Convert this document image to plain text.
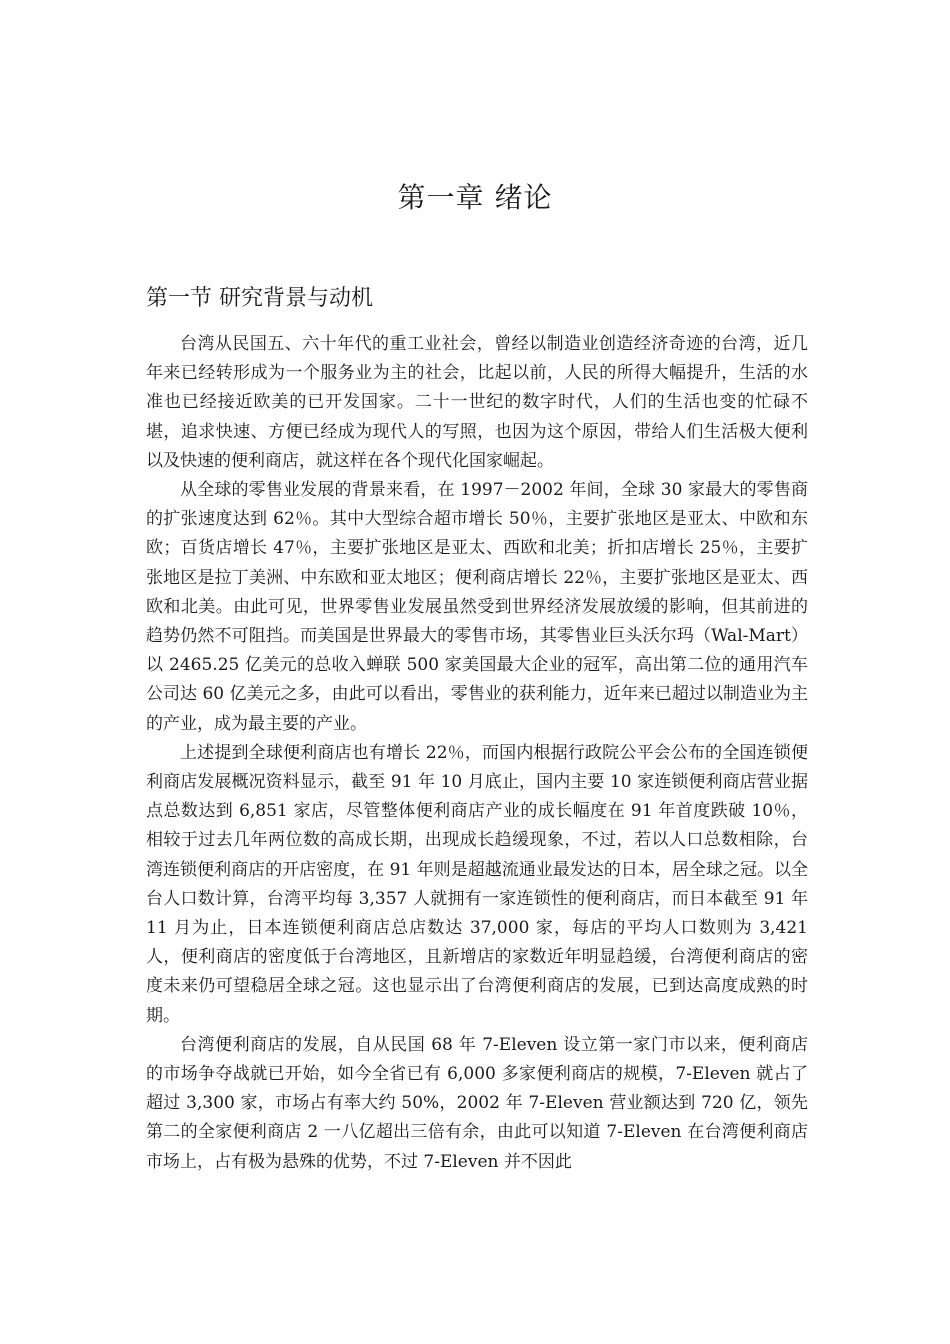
第一章 绪论
第一节 研究背景与动机

台湾从民国五、六十年代的重工业社会，曾经以制造业创造经济奇迹的台湾，近几年来已经转形成为一个服务业为主的社会，比起以前，人民的所得大幅提升，生活的水准也已经接近欧美的已开发国家。二十一世纪的数字时代，人们的生活也变的忙碌不堪，追求快速、方便已经成为现代人的写照，也因为这个原因，带给人们生活极大便利以及快速的便利商店，就这样在各个现代化国家崛起。

从全球的零售业发展的背景来看，在 1997－2002 年间，全球 30 家最大的零售商的扩张速度达到 62％。其中大型综合超市增长 50％，主要扩张地区是亚太、中欧和东欧；百货店增长 47％，主要扩张地区是亚太、西欧和北美；折扣店增长 25％，主要扩张地区是拉丁美洲、中东欧和亚太地区；便利商店增长 22％，主要扩张地区是亚太、西欧和北美。由此可见，世界零售业发展虽然受到世界经济发展放缓的影响，但其前进的趋势仍然不可阻挡。而美国是世界最大的零售市场，其零售业巨头沃尔玛（Wal-Mart）以 2465.25 亿美元的总收入蝉联 500 家美国最大企业的冠军，高出第二位的通用汽车公司达 60 亿美元之多，由此可以看出，零售业的获利能力，近年来已超过以制造业为主的产业，成为最主要的产业。

上述提到全球便利商店也有增长 22％，而国内根据行政院公平会公布的全国连锁便利商店发展概况资料显示，截至 91 年 10 月底止，国内主要 10 家连锁便利商店营业据点总数达到 6,851 家店，尽管整体便利商店产业的成长幅度在 91 年首度跌破 10％，相较于过去几年两位数的高成长期，出现成长趋缓现象，不过，若以人口总数相除，台湾连锁便利商店的开店密度，在 91 年则是超越流通业最发达的日本，居全球之冠。以全台人口数计算，台湾平均每 3,357 人就拥有一家连锁性的便利商店，而日本截至 91 年 11 月为止，日本连锁便利商店总店数达 37,000 家，每店的平均人口数则为 3,421 人，便利商店的密度低于台湾地区，且新增店的家数近年明显趋缓，台湾便利商店的密度未来仍可望稳居全球之冠。这也显示出了台湾便利商店的发展，已到达高度成熟的时期。

台湾便利商店的发展，自从民国 68 年 7-Eleven 设立第一家门市以来，便利商店的市场争夺战就已开始，如今全省已有 6,000 多家便利商店的规模，7-Eleven 就占了超过 3,300 家，市场占有率大约 50%，2002 年 7-Eleven 营业额达到 720 亿，领先第二的全家便利商店 2 一八亿超出三倍有余，由此可以知道 7-Eleven 在台湾便利商店市场上，占有极为悬殊的优势，不过 7-Eleven 并不因此
